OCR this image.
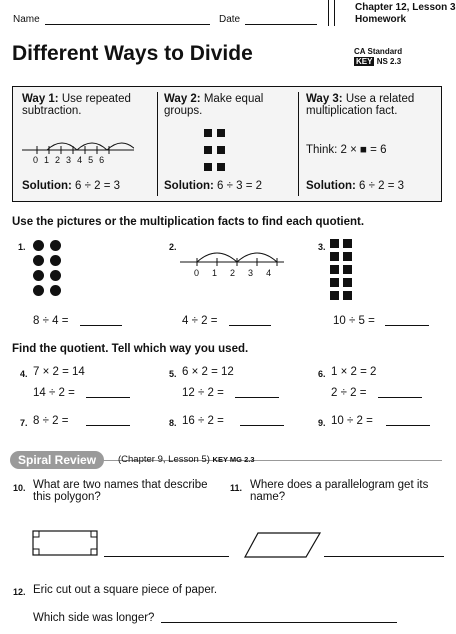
Name	Date
Chapter 12, Lesson 3
Homework
Different Ways to Divide	CA Standard
KEY NS 2.3
Way 1: Use repeated subtraction.
0 1 2 3 4 5 6
Solution: 6 ÷ 2 = 3
Way 2: Make equal groups.
Solution: 6 ÷ 3 = 2
Way 3: Use a related multiplication fact.
Think: 2 × ■ = 6
Solution: 6 ÷ 2 = 3
Use the pictures or the multiplication facts to find each quotient.
1.
8 ÷ 4 =
2.
0 1 2 3 4
4 ÷ 2 =
3.
10 ÷ 5 =
Find the quotient. Tell which way you used.
4. 7 × 2 = 14
14 ÷ 2 =
5. 6 × 2 = 12
12 ÷ 2 =
6. 1 × 2 = 2
2 ÷ 2 =
7. 8 ÷ 2 =	8. 16 ÷ 2 =	9. 10 ÷ 2 =
Spiral Review	(Chapter 9, Lesson 5) KEY MG 2.3
10. What are two names that describe this polygon?
11. Where does a parallelogram get its name?
12. Eric cut out a square piece of paper.
Which side was longer?
